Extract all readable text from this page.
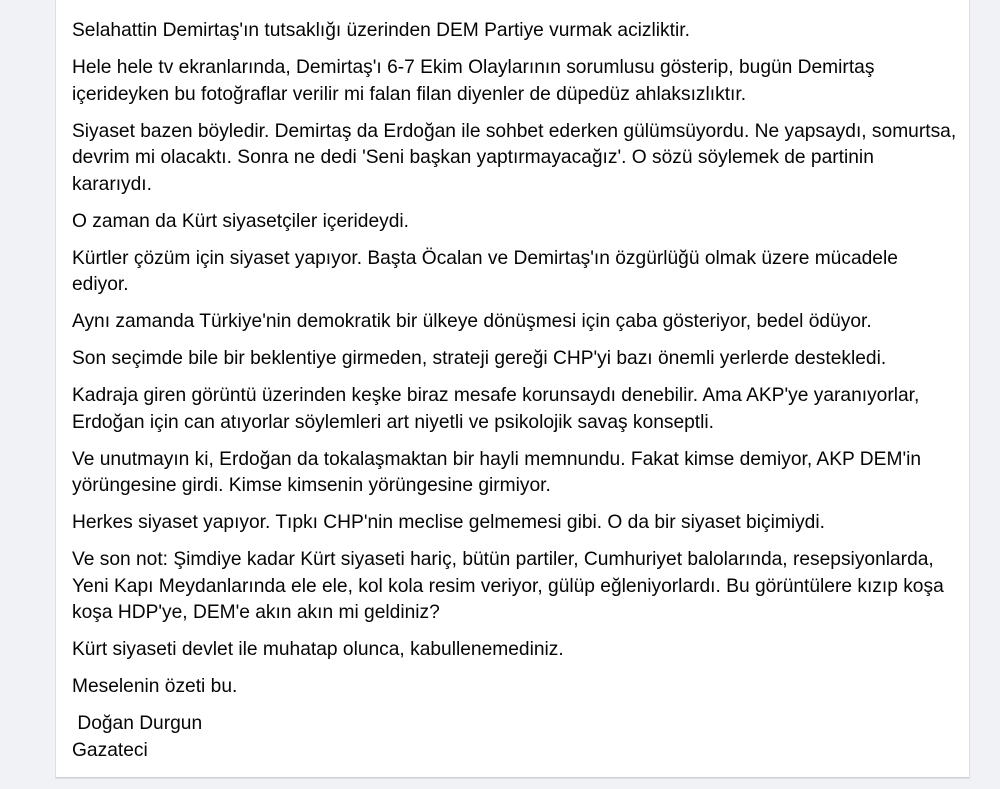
Selahattin Demirtaş'ın tutsaklığı üzerinden DEM Partiye vurmak acizliktir.

Hele hele tv ekranlarında, Demirtaş'ı 6-7 Ekim Olaylarının sorumlusu gösterip, bugün Demirtaş içerideyken bu fotoğraflar verilir mi falan filan diyenler de düpedüz ahlaksızlıktır.

Siyaset bazen böyledir. Demirtaş da Erdoğan ile sohbet ederken gülümsüyordu. Ne yapsaydı, somurtsa, devrim mi olacaktı. Sonra ne dedi 'Seni başkan yaptırmayacağız'. O sözü söylemek de partinin kararıydı.

O zaman da Kürt siyasetçiler içerideydi.

Kürtler çözüm için siyaset yapıyor. Başta Öcalan ve Demirtaş'ın özgürlüğü olmak üzere mücadele ediyor.

Aynı zamanda Türkiye'nin demokratik bir ülkeye dönüşmesi için çaba gösteriyor, bedel ödüyor.

Son seçimde bile bir beklentiye girmeden, strateji gereği CHP'yi bazı önemli yerlerde destekledi.

Kadraja giren görüntü üzerinden keşke biraz mesafe korunsaydı denebilir. Ama AKP'ye yaranıyorlar, Erdoğan için can atıyorlar söylemleri art niyetli ve psikolojik savaş konseptli.

Ve unutmayın ki, Erdoğan da tokalaşmaktan bir hayli memnundu. Fakat kimse demiyor, AKP DEM'in yörüngesine girdi. Kimse kimsenin yörüngesine girmiyor.

Herkes siyaset yapıyor. Tıpkı CHP'nin meclise gelmemesi gibi. O da bir siyaset biçimiydi.

Ve son not: Şimdiye kadar Kürt siyaseti hariç, bütün partiler, Cumhuriyet balolarında, resepsiyonlarda, Yeni Kapı Meydanlarında ele ele, kol kola resim veriyor, gülüp eğleniyorlardı. Bu görüntülere kızıp koşa koşa HDP'ye, DEM'e akın akın mi geldiniz?

Kürt siyaseti devlet ile muhatap olunca, kabullenemediniz.

Meselenin özeti bu.

Doğan Durgun

Gazateci
